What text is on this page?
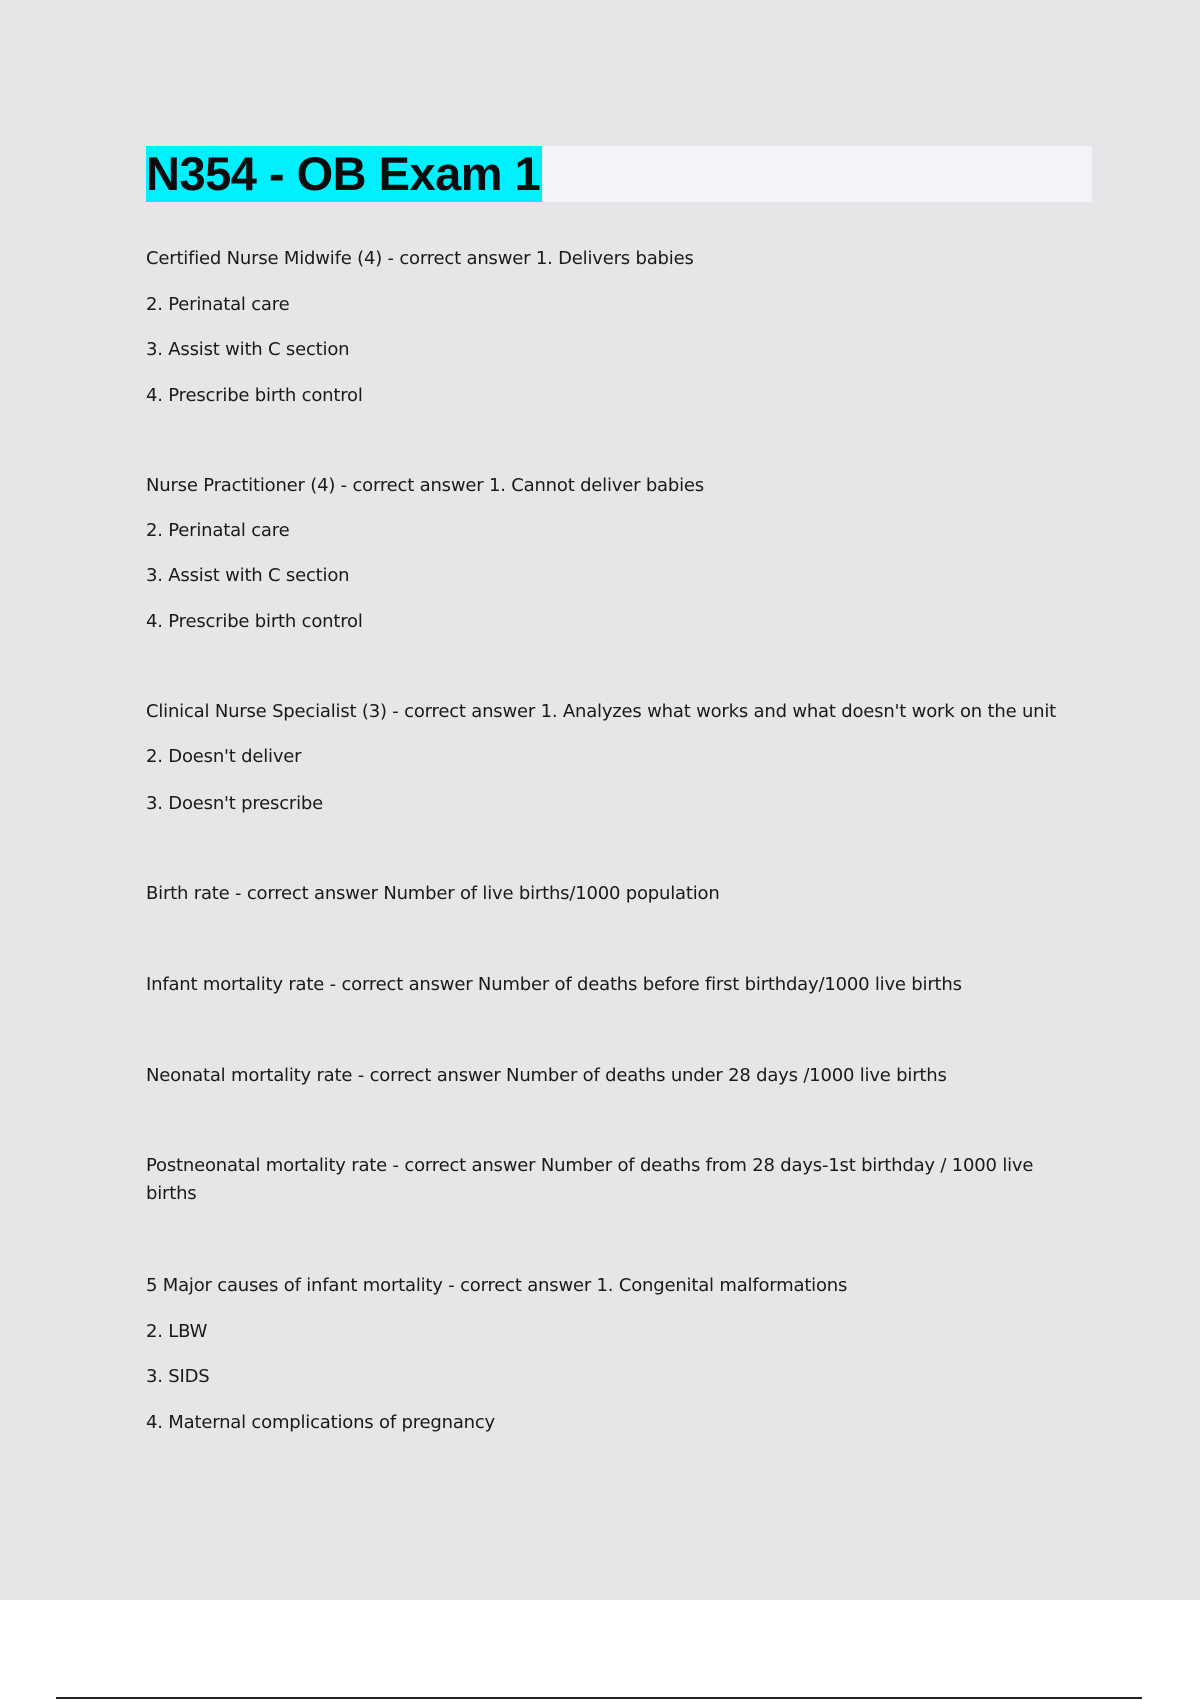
N354 - OB Exam 1
Certified Nurse Midwife (4) - correct answer 1. Delivers babies
2. Perinatal care
3. Assist with C section
4. Prescribe birth control
Nurse Practitioner (4) - correct answer 1. Cannot deliver babies
2. Perinatal care
3. Assist with C section
4. Prescribe birth control
Clinical Nurse Specialist (3) - correct answer 1. Analyzes what works and what doesn't work on the unit
2. Doesn't deliver
3. Doesn't prescribe
Birth rate - correct answer Number of live births/1000 population
Infant mortality rate - correct answer Number of deaths before first birthday/1000 live births
Neonatal mortality rate - correct answer Number of deaths under 28 days /1000 live births
Postneonatal mortality rate - correct answer Number of deaths from 28 days-1st birthday / 1000 live births
5 Major causes of infant mortality - correct answer 1. Congenital malformations
2. LBW
3. SIDS
4. Maternal complications of pregnancy
